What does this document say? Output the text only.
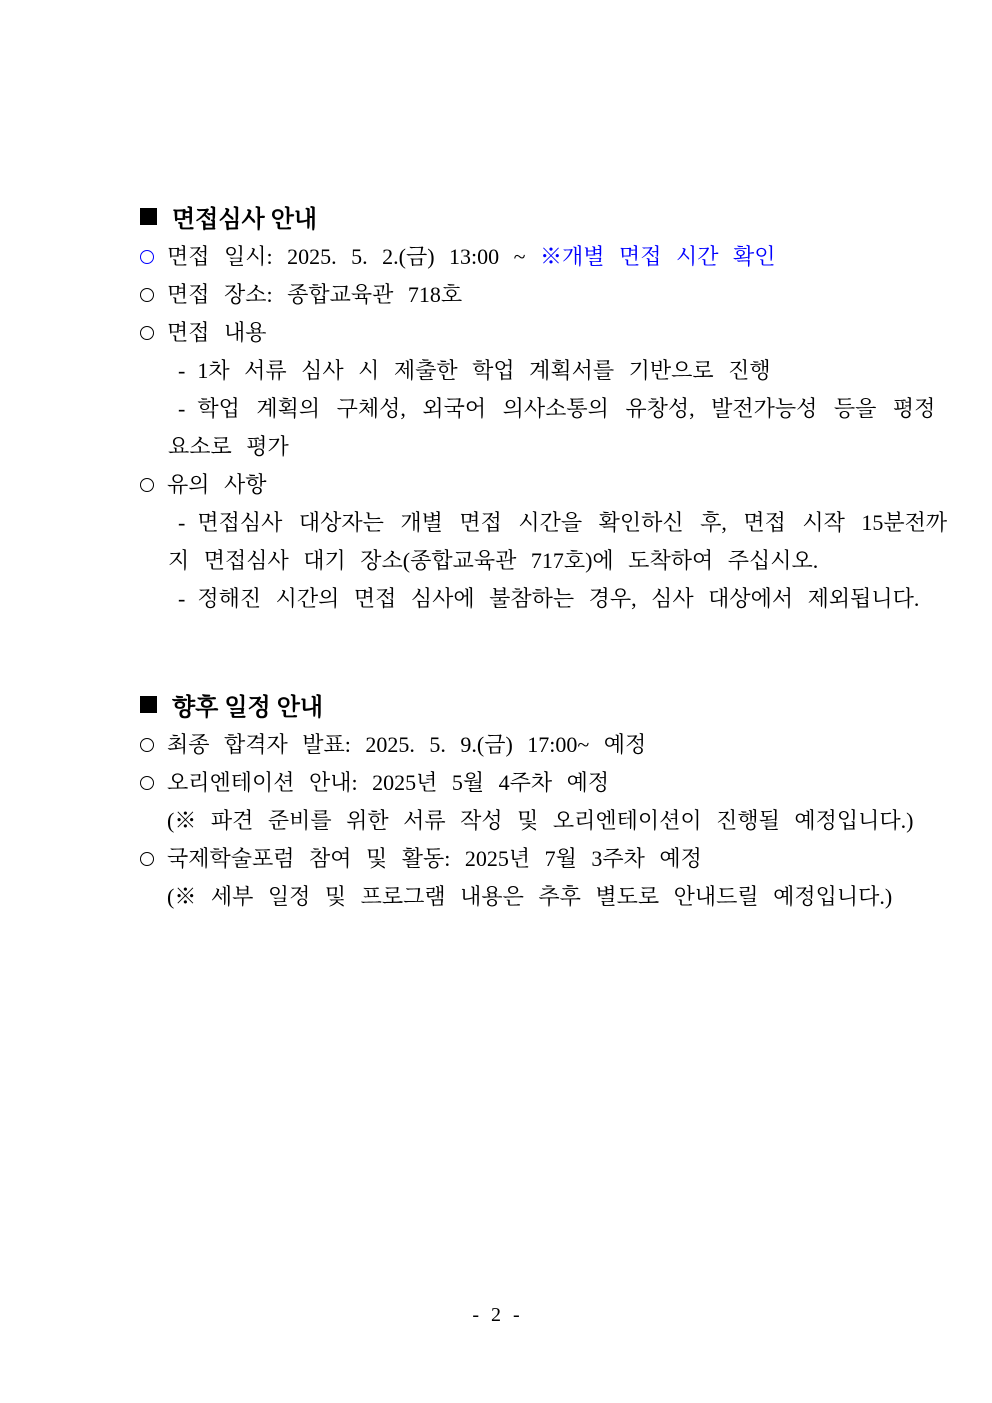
면접심사 안내
면접 일시: 2025. 5. 2.(금) 13:00 ~ ※개별 면접 시간 확인
면접 장소: 종합교육관 718호
면접 내용
- 1차 서류 심사 시 제출한 학업 계획서를 기반으로 진행
- 학업 계획의 구체성, 외국어 의사소통의 유창성, 발전가능성 등을 평정
요소로 평가
유의 사항
- 면접심사 대상자는 개별 면접 시간을 확인하신 후, 면접 시작 15분전까
지 면접심사 대기 장소(종합교육관 717호)에 도착하여 주십시오.
- 정해진 시간의 면접 심사에 불참하는 경우, 심사 대상에서 제외됩니다.
향후 일정 안내
최종 합격자 발표: 2025. 5. 9.(금) 17:00~ 예정
오리엔테이션 안내: 2025년 5월 4주차 예정
(※ 파견 준비를 위한 서류 작성 및 오리엔테이션이 진행될 예정입니다.)
국제학술포럼 참여 및 활동: 2025년 7월 3주차 예정
(※ 세부 일정 및 프로그램 내용은 추후 별도로 안내드릴 예정입니다.)
- 2 -
